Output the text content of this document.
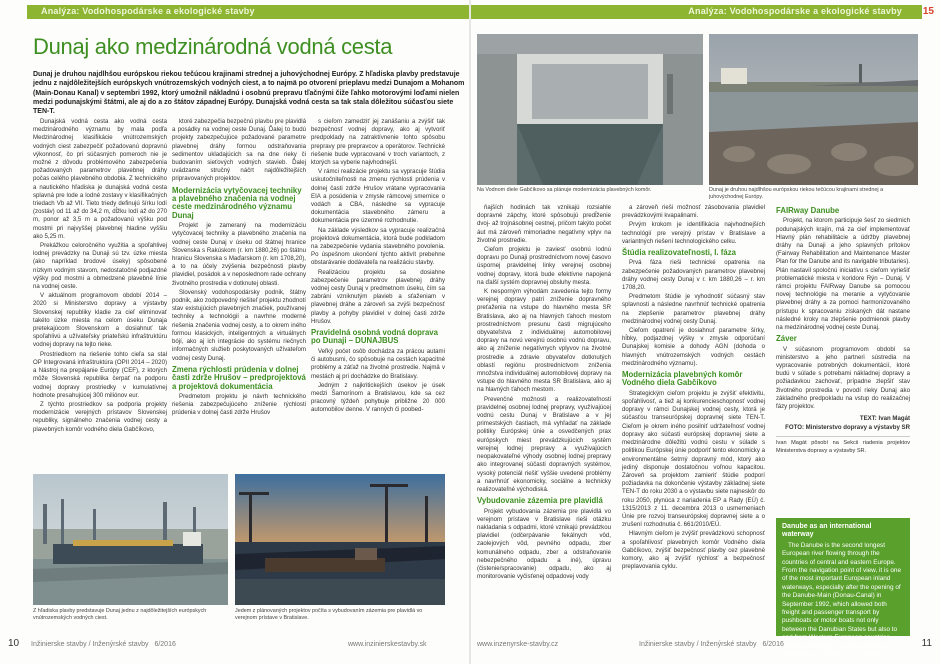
Analýza: Vodohospodárske a ekologické stavby
Dunaj ako medzinárodná vodná cesta
Dunaj je druhou najdlhšou európskou riekou tečúcou krajinami strednej a juhovýchodnej Európy. Z hľadiska plavby predstavuje jednu z najdôležitejších európskych vnútrozemských vodných ciest, a to najmä po otvorení prieplavu medzi Dunajom a Mohanom (Main-Donau Kanal) v septembri 1992, ktorý umožnil nákladnú i osobnú prepravu tľačnými čiže ľahko motorovými loďami nielen medzi podunajskými štátmi, ale aj do a zo štátov západnej Európy. Dunajská vodná cesta sa tak stala dôležitou súčasťou siete TEN-T.

Dunajská vodná cesta ako vodná cesta medzinárodného významu by mala podľa Medzinárodnej klasifikácie vnútrozemských vodných ciest zabezpečiť požadovanú dopravnú výkonnosť, čo pri súčasných pomeroch nie je možné z dôvodu problémového zabezpečenia požadovaných parametrov plavebnej dráhy počas celého plavebného obdobia. Z technického a nautického hľadiska je dunajská vodná cesta splavná pre lode a lodné zostavy v klasifikačných triedach Vb až VII. Tieto triedy definujú šírku lodí (zostáv) od 11 až do 34,2 m, dĺžku lodí až do 270 m, ponor až 3,5 m a požadovanú výšku pod mostmi pri najvyššej plavebnej hladine vyššiu ako 5,25 m.

Prekážkou celoročného využitia a spoľahlivej lodnej prevádzky na Dunaji sú tzv. úzke miesta (ako napríklad brodové úseky) spôsobené nízkym vodným stavom, nedostatočné podjazdné výšky pod mostmi a obmedzené plavebné línie na vodnej ceste.

V aktuálnom programovom období 2014 – 2020 si Ministerstvo dopravy a výstavby Slovenskej republiky kladie za cieľ eliminovať takéto úzke miesta na celom úseku Dunaja pretekajúcom Slovenskom a dosiahnuť tak spoľahlivú a užívateľsky priateľskú infraštruktúru vodnej dopravy na tejto rieke.

Prostriedkom na riešenie tohto cieľa sa stal OP Integrovaná infraštruktúra (OPII 2014 – 2020) a Nástroj na prepájanie Európy (CEF), z ktorých môže Slovenská republika čerpať na podporu vodnej dopravy prostriedky v kumulatívnej hodnote presahujúcej 300 miliónov eur.

Z týchto prostriedkov sa podporia projekty modernizácie verejných prístavov Slovenskej republiky, signálneho značenia vodnej cesty a plavebných komôr vodného diela Gabčíkovo,

ktoré zabezpečia bezpečnú plavbu pre plavidlá a posádky na vodnej ceste Dunaj. Ďalej to budú projekty zabezpečujúce požadované parametre plavebnej dráhy formou odstraňovania sedimentov ukladajúcich sa na dne rieky či budovaním sieťových vodných stavieb. Ďalej uvádzame stručný náčrt najdôležitejších pripravovaných projektov.

Modernizácia vytyčovacej techniky a plavebného značenia na vodnej ceste medzinárodného významu Dunaj

Projekt je zameraný na modernizáciu vytyčovacej techniky a plavebného značenia na vodnej ceste Dunaj v úseku od štátnej hranice Slovenska s Rakúskom (r. km 1880,26) po štátnu hranicu Slovenska s Maďarskom (r. km 1708,20), a to na účely zvýšenia bezpečnosti plavby plavidiel, posádok a v neposlednom rade ochrany životného prostredia v dotknutej oblasti.

Slovenský vodohospodársky podnik, štátny podnik, ako zodpovedný riešiteľ projektu zhodnotí stav existujúcich plavebných značiek, používanej techniky a technológií a navrhne moderné riešenia značenia vodnej cesty, a to okrem iného formou klasických, inteligentných a virtuálnych bójí, ako aj ich integrácie do systému riečnych informačných služieb poskytovaných užívateľom vodnej cesty Dunaj.

Zmena rýchlosti prúdenia v dolnej časti zdrže Hrušov – predprojektová a projektová dokumentácia

Predmetom projektu je návrh technického riešenia zabezpečujúceho zníženie rýchlosti prúdenia v dolnej časti zdrže Hrušov

s cieľom zamedziť jej zanášaniu a zvýšiť tak bezpečnosť vodnej dopravy, ako aj vytvoriť predpoklady na zatraktívnenie tohto spôsobu prepravy pre prepravcov a operátorov. Technické riešenie bude vypracované v troch variantoch, z ktorých sa vyberie najvhodnejší.

V rámci realizácie projektu sa vypracuje štúdia uskutočniteľnosti na zmenu rýchlosti prúdenia v dolnej časti zdrže Hrušov vrátane vypracovania EIA a posúdenia v zmysle rámcovej smernice o vodách a CBA, následne sa vypracuje dokumentácia stavebného zámeru a dokumentácia pre územné rozhodnutie.

Na základe výsledkov sa vypracuje realizačná projektová dokumentácia, ktorá bude podkladom na zabezpečenie vydania stavebného povolenia. Po úspešnom ukončení týchto aktivít prebehne obstarávanie dodávateľa na realizáciu stavby.

Realizáciou projektu sa dosiahne zabezpečenie parametrov plavebnej dráhy vodnej cesty Dunaj v predmetnom úseku, čím sa zabráni vzniknutým plavieb a sťaženiam v plavebnej dráhe a zároveň sa zvýši bezpečnosť plavby a pohyby plavidiel v dolnej časti zdrže Hrušov.

Pravidelná osobná vodná doprava po Dunaji – DUNAJBUS

Veľký počet osôb dochádza za prácou autami či autobusmi, čo spôsobuje na cestách kapacitné problémy a záťaž na životné prostredie. Najmä v mestách aj pri dochádzke do Bratislavy.

Jedným z najkritickejších úsekov je úsek medzi Šamorínom a Bratislavou, kde sa cez pracovný týždeň pohybuje približne 20 000 automobilov denne. V ranných či poobed-

Z hľadiska plavby predstavuje Dunaj jednu z najdôležitejších európskych vnútrozemských vodných ciest.
Jedem z plánovaných projektov počíta s vybudovaním zázemia pre plavidlá vo verejnom prístave v Bratislave.
10 Inžinierske stavby / Inženýrské stavby 6/2016	www.inzinierskestavby.sk
Analýza: Vodohospodárske a ekologické stavby 15
Na Vodnom diele Gabčíkovo sa plánuje modernizácia plavebných komôr.	Dunaj je druhou najdlhšou európskou riekou tečúcou krajinami strednej a juhovýchodnej Európy.

ňajších hodinách tak vznikajú rozsiahle dopravné zápchy, ktoré spôsobujú predĺženie dvoj- až trojnásobnej cestnej, pričom takýto počet áut má zároveň mimoriadne negatívny vplyv na životné prostredie.

Cieľom projektu je zaviesť osobnú lodnú dopravu po Dunaji prostredníctvom novej časovo úspornej pravidelnej linky verejnej osobnej vodnej dopravy, ktorá bude efektívne napojená na ďalší systém dopravnej obsluhy mesta.

K nesporným výhodám zavedenia tejto formy verejnej dopravy patrí zníženie dopravného preťaženia na vstupe do hlavného mesta SR Bratislava, ako aj na hlavných ťahoch mestom prostredníctvom presunu časti migrujúceho obyvateľstva z individuálnej automobilovej dopravy na novú verejnú osobnú vodnú dopravu, ako aj zníženie negatívnych vplyvov na životné prostredie a zdravie obyvateľov dotknutých oblastí regiónu prostredníctvom zníženia množstva individuálnej automobilovej dopravy na vstupe do hlavného mesta SR Bratislava, ako aj na hlavných ťahoch mestom.

Prevenčné možnosti a realizovateľnosti pravidelnej osobnej lodnej prepravy, využívajúcej vodnú cestu Dunaj v Bratislave a v jej primestských častiach, má vyhľadať na základe politiky Európskej únie a osvedčených prax európskych miest prevádzkujúcich systém verejnej lodnej prepravy a využívajúcich neopakovateľné výhody osobnej lodnej prepravy ako integrovanej súčasti dopravných systémov, vysoký potenciál riešiť vyššie uvedené problémy a navrhnúť ekonomicky, sociálne a technicky realizovateľné východiská.

Vybudovanie zázemia pre plavidlá

Projekt vybudovania zázemia pre plavidlá vo verejnom prístave v Bratislave rieši otázku nakladania s odpadmi, ktoré vznikajú prevádzkou plavidiel (odčerpávanie fekálnych vôd, zaolejových vôd, pevného odpadu, zber komunálneho odpadu, zber a odstraňovanie nebezpečného odpadu a iné), úpravu (čistenie/spracovanie) odpadu, ako aj monitorovanie vyčisťenej odpadovej vody

a zároveň rieši možnosť zásobovania plavidiel prevádzkovými kvapalinami.

Prvým krokom je identifikácia najvhodnejších technológií pre verejný prístav v Bratislave a variantných riešení technologického celku.

Štúdia realizovateľnosti, I. fáza

Prvá fáza rieši technické opatrenia na zabezpečenie požadovaných parametrov plavebnej dráhy vodnej cesty Dunaj v r. km 1880,26 – r. km 1708,20.

Predmetom štúdie je vyhodnotiť súčasný stav splavnosti a následne navrhnúť technické opatrenia na zlepšenie parametrov plavebnej dráhy medzinárodnej vodnej cesty Dunaj.

Cieľom opatrení je dosiahnuť parametre šírky, hĺbky, podjazdnej výšky v zmysle odporúčaní Dunajskej komisie a dohody AGN (dohoda o hlavných vnútrozemských vodných cestách medzinárodného významu).

Modernizácia plavebných komôr Vodného diela Gabčíkovo

Strategickým cieľom projektu je zvýšiť efektivitu, spoľahlivosť, a tiež aj konkurencieschopnosť vodnej dopravy v rámci Dunajskej vodnej cesty, ktorá je súčasťou transeurópskej dopravnej siete TEN-T. Cieľom je okrem iného posilniť udržateľnosť vodnej dopravy ako súčasti európskej dopravnej siete a medzinárodne dôležitú vodnú cestu v súlade s politikou Európskej únie podporiť tento ekonomicky a environmentálne šetrný dopravný mód, ktorý ako jediný disponuje dostatočnou voľnou kapacitou. Zároveň sa projektom zamieriť štúdie podporí požiadavka na dokončenie výstavby základnej siete TEN-T do roku 2030 a o výstavbu siete najneskôr do roku 2050, plynúca z nariadenia EP a Rady (EÚ) č. 1315/2013 z 11. decembra 2013 o usmerneniach Únie pre rozvoj transeurópskej dopravnej siete a o zrušení rozhodnutia č. 661/2010/EÚ.

Hlavným cieľom je zvýšiť prevádzkovú schopnosť a spoľahlivosť plavebných komôr Vodného diela Gabčíkovo, zvýšiť bezpečnosť plavby cez plavebné komory, ako aj zvýšiť rýchlosť a bezpečnosť preplavovania cyklu.

FAIRway Danube

Projekt, na ktorom participuje šesť zo siedmich podunajských krajín, má za cieľ implementovať Hlavný plán rehabilitácie a údržby plavebnej dráhy na Dunaji a jeho splavných prítokov (Fairway Rehabilitation and Maintenance Master Plan for the Danube and its navigable tributaries). Plán nastavil spoločnú iniciatívu s cieľom vyriešiť problematické miesta v koridore Rýn – Dunaj. V rámci projektu FAIRway Danube sa pomocou novej technológie na meranie a vytyčovanie plavebnej dráhy a za pomoci harmonizovaného prístupu k spracovaniu získaných dát nastane následné kroky na zlepšenie podmienok plavby na medzinárodnej vodnej ceste Dunaj.

Záver

V súčasnom programovom období sa ministerstvo a jeho partneri sústredia na vypracovanie potrebných dokumentácií, ktoré budú v súlade s potrebami nákladnej dopravy a požiadavkou zachovať, prípadne zlepšiť stav životného prostredia v povodí rieky Dunaj ako základného predpokladu na vstup do realizačnej fázy projektov.

TEXT: Ivan Magát

FOTO: Ministerstvo dopravy a výstavby SR

Ivan Magát pôsobí na Sekcii riadenia projektov Ministerstva dopravy a výstavby SR.

Danube as an international waterway
The Danube is the second longest European river flowing through the countries of central and eastern Europe. From the navigation point of view, it is one of the most important European inland waterways, especially after the opening of the Danube-Main (Donau-Canal) in September 1992, which allowed both freight and passenger transport by pushboats or motor boats not only between the Danubian States but also to and from Western European countries. Danube waterway has thus become an important part of the TEN-T network.
www.inzenyrske-stavby.cz	Inžinierske stavby / Inženýrské stavby 6/2016	11
